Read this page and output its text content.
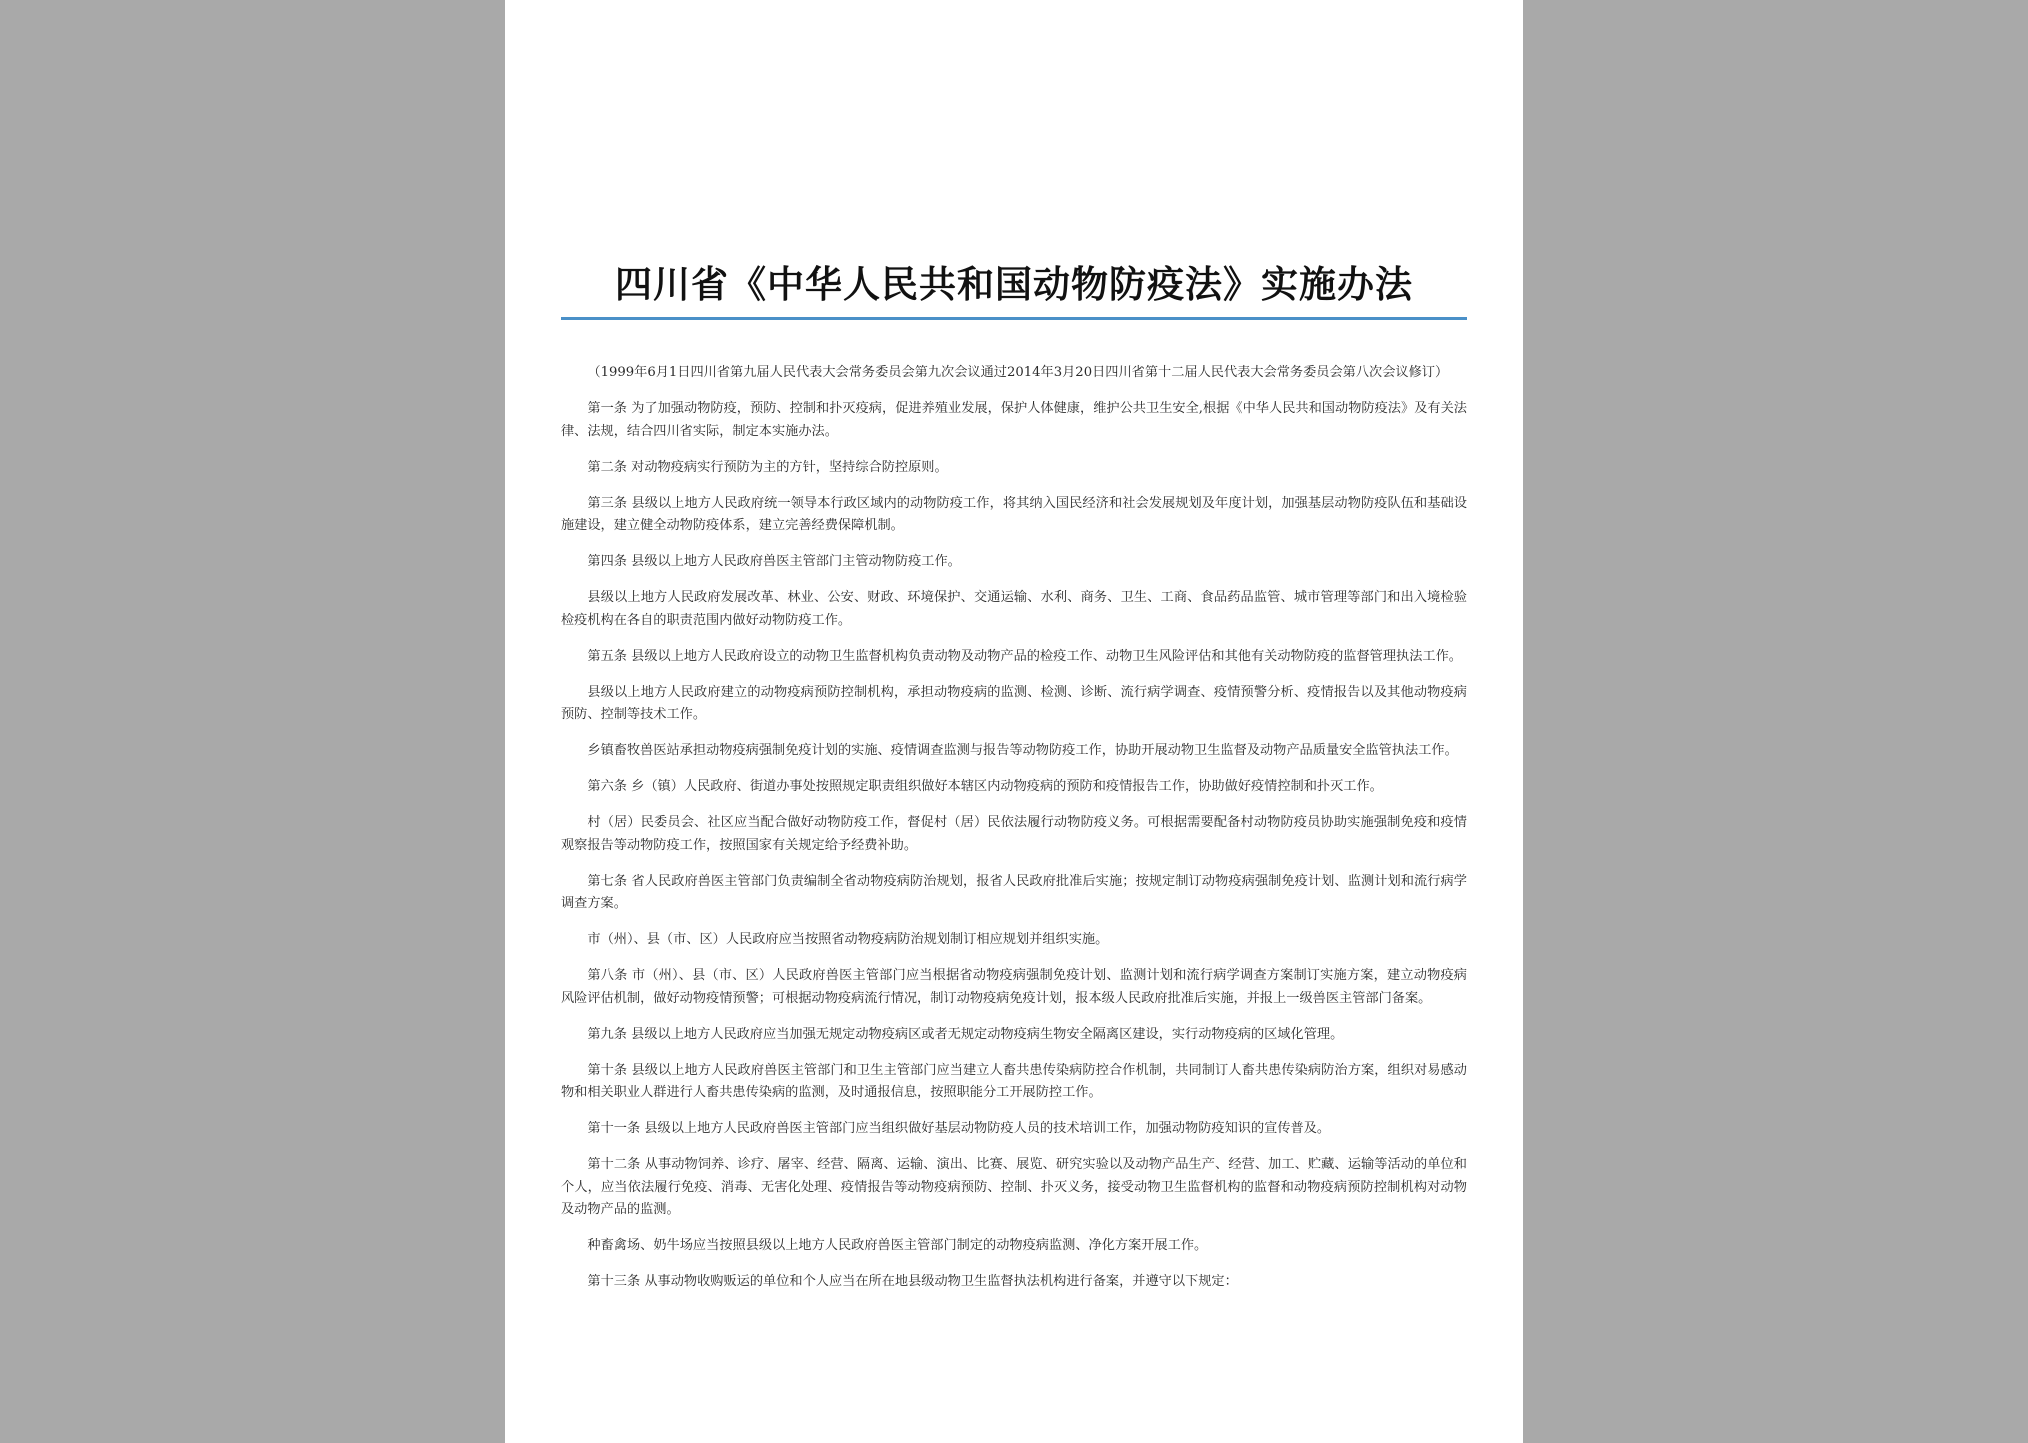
四川省《中华人民共和国动物防疫法》实施办法

（1999年6月1日四川省第九届人民代表大会常务委员会第九次会议通过2014年3月20日四川省第十二届人民代表大会常务委员会第八次会议修订）

第一条 为了加强动物防疫，预防、控制和扑灭疫病，促进养殖业发展，保护人体健康，维护公共卫生安全,根据《中华人民共和国动物防疫法》及有关法律、法规，结合四川省实际，制定本实施办法。

第二条 对动物疫病实行预防为主的方针，坚持综合防控原则。

第三条 县级以上地方人民政府统一领导本行政区域内的动物防疫工作，将其纳入国民经济和社会发展规划及年度计划，加强基层动物防疫队伍和基础设施建设，建立健全动物防疫体系，建立完善经费保障机制。

第四条 县级以上地方人民政府兽医主管部门主管动物防疫工作。

县级以上地方人民政府发展改革、林业、公安、财政、环境保护、交通运输、水利、商务、卫生、工商、食品药品监管、城市管理等部门和出入境检验检疫机构在各自的职责范围内做好动物防疫工作。

第五条 县级以上地方人民政府设立的动物卫生监督机构负责动物及动物产品的检疫工作、动物卫生风险评估和其他有关动物防疫的监督管理执法工作。

县级以上地方人民政府建立的动物疫病预防控制机构，承担动物疫病的监测、检测、诊断、流行病学调查、疫情预警分析、疫情报告以及其他动物疫病预防、控制等技术工作。

乡镇畜牧兽医站承担动物疫病强制免疫计划的实施、疫情调查监测与报告等动物防疫工作，协助开展动物卫生监督及动物产品质量安全监管执法工作。

第六条 乡（镇）人民政府、街道办事处按照规定职责组织做好本辖区内动物疫病的预防和疫情报告工作，协助做好疫情控制和扑灭工作。

村（居）民委员会、社区应当配合做好动物防疫工作，督促村（居）民依法履行动物防疫义务。可根据需要配备村动物防疫员协助实施强制免疫和疫情观察报告等动物防疫工作，按照国家有关规定给予经费补助。

第七条 省人民政府兽医主管部门负责编制全省动物疫病防治规划，报省人民政府批准后实施；按规定制订动物疫病强制免疫计划、监测计划和流行病学调查方案。

市（州）、县（市、区）人民政府应当按照省动物疫病防治规划制订相应规划并组织实施。

第八条 市（州）、县（市、区）人民政府兽医主管部门应当根据省动物疫病强制免疫计划、监测计划和流行病学调查方案制订实施方案，建立动物疫病风险评估机制，做好动物疫情预警；可根据动物疫病流行情况，制订动物疫病免疫计划，报本级人民政府批准后实施，并报上一级兽医主管部门备案。

第九条 县级以上地方人民政府应当加强无规定动物疫病区或者无规定动物疫病生物安全隔离区建设，实行动物疫病的区域化管理。

第十条 县级以上地方人民政府兽医主管部门和卫生主管部门应当建立人畜共患传染病防控合作机制，共同制订人畜共患传染病防治方案，组织对易感动物和相关职业人群进行人畜共患传染病的监测，及时通报信息，按照职能分工开展防控工作。

第十一条 县级以上地方人民政府兽医主管部门应当组织做好基层动物防疫人员的技术培训工作，加强动物防疫知识的宣传普及。

第十二条 从事动物饲养、诊疗、屠宰、经营、隔离、运输、演出、比赛、展览、研究实验以及动物产品生产、经营、加工、贮藏、运输等活动的单位和个人，应当依法履行免疫、消毒、无害化处理、疫情报告等动物疫病预防、控制、扑灭义务，接受动物卫生监督机构的监督和动物疫病预防控制机构对动物及动物产品的监测。

种畜禽场、奶牛场应当按照县级以上地方人民政府兽医主管部门制定的动物疫病监测、净化方案开展工作。

第十三条 从事动物收购贩运的单位和个人应当在所在地县级动物卫生监督执法机构进行备案，并遵守以下规定：
